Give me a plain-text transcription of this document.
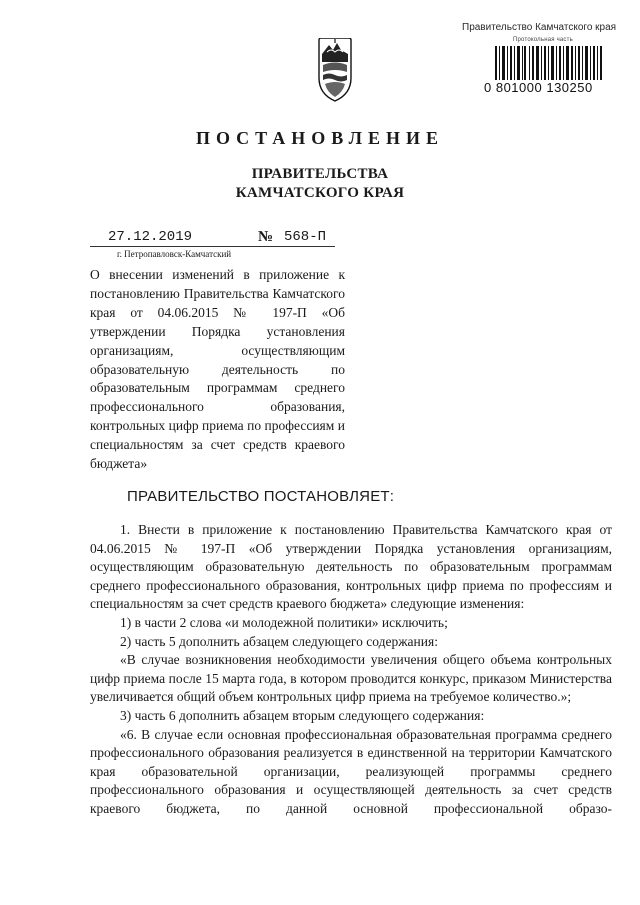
Правительство Камчатского края
Протокольная часть
0 801000 130250
ПОСТАНОВЛЕНИЕ
ПРАВИТЕЛЬСТВА
КАМЧАТСКОГО КРАЯ
27.12.2019	№ 568-П
г. Петропавловск-Камчатский
О внесении изменений в приложение к постановлению Правительства Камчатского края от 04.06.2015 № 197-П «Об утверждении Порядка установления организациям, осуществляющим образовательную деятельность по образовательным программам среднего профессионального образования, контрольных цифр приема по профессиям и специальностям за счет средств краевого бюджета»
ПРАВИТЕЛЬСТВО ПОСТАНОВЛЯЕТ:

1. Внести в приложение к постановлению Правительства Камчатского края от 04.06.2015 № 197-П «Об утверждении Порядка установления организациям, осуществляющим образовательную деятельность по образовательным программам среднего профессионального образования, контрольных цифр приема по профессиям и специальностям за счет средств краевого бюджета» следующие изменения:

1) в части 2 слова «и молодежной политики» исключить;

2) часть 5 дополнить абзацем следующего содержания:

«В случае возникновения необходимости увеличения общего объема контрольных цифр приема после 15 марта года, в котором проводится конкурс, приказом Министерства увеличивается общий объем контрольных цифр приема на требуемое количество.»;

3) часть 6 дополнить абзацем вторым следующего содержания:

«6. В случае если основная профессиональная образовательная программа среднего профессионального образования реализуется в единственной на территории Камчатского края образовательной организации, реализующей программы среднего профессионального образования и осуществляющей деятельность за счет средств краевого бюджета, по данной основной профессиональной образо-
